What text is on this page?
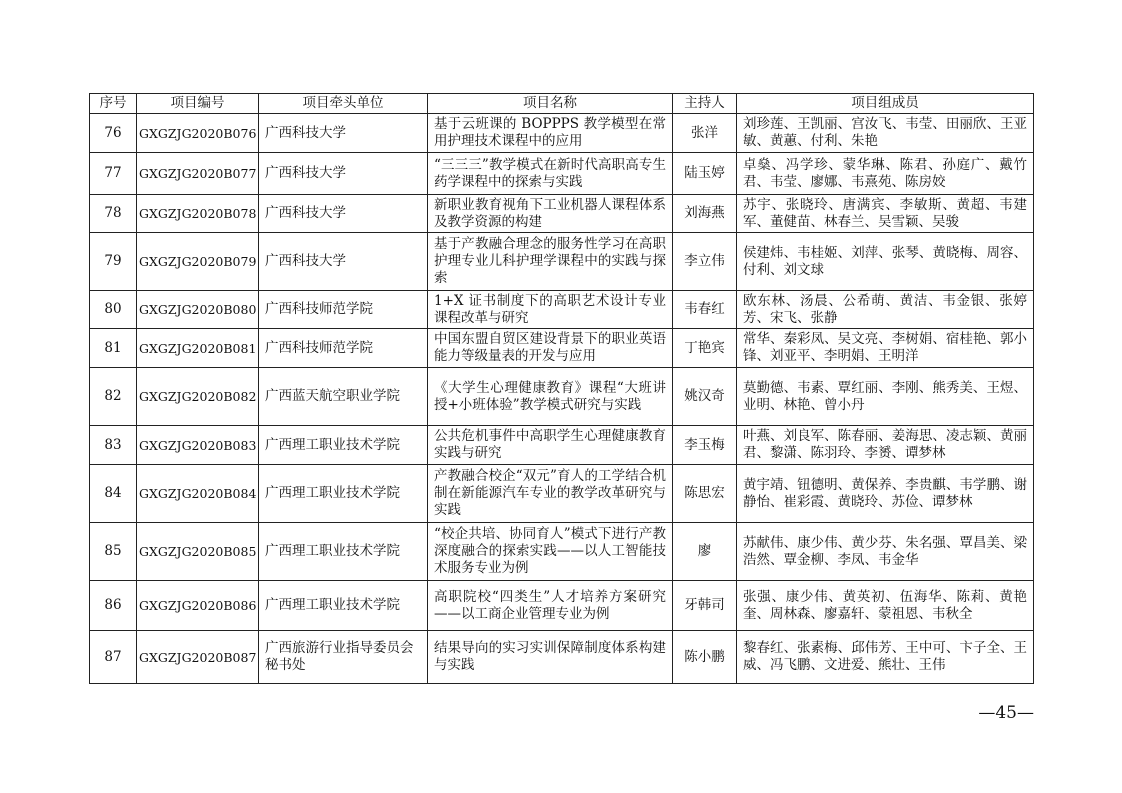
序号	项目编号	项目牵头单位	项目名称	主持人	项目组成员
76	GXGZJG2020B076	广西科技大学	基于云班课的 BOPPPS 教学模型在常用护理技术课程中的应用	张洋	刘珍莲、王凯丽、宫汝飞、韦莹、田丽欣、王亚敏、黄蕙、付利、朱艳
77	GXGZJG2020B077	广西科技大学	“三三三”教学模式在新时代高职高专生药学课程中的探索与实践	陆玉婷	卓燊、冯学珍、蒙华琳、陈君、孙庭广、戴竹君、韦莹、廖娜、韦熹苑、陈房姣
78	GXGZJG2020B078	广西科技大学	新职业教育视角下工业机器人课程体系及教学资源的构建	刘海燕	苏宇、张晓玲、唐满宾、李敏斯、黄超、韦建军、董健苗、林春兰、吴雪颖、吴骏
79	GXGZJG2020B079	广西科技大学	基于产教融合理念的服务性学习在高职护理专业儿科护理学课程中的实践与探索	李立伟	侯建炜、韦桂姬、刘萍、张琴、黄晓梅、周容、付利、刘文球
80	GXGZJG2020B080	广西科技师范学院	1+X 证书制度下的高职艺术设计专业课程改革与研究	韦春红	欧东林、汤晨、公希萌、黄洁、韦金银、张婷芳、宋飞、张静
81	GXGZJG2020B081	广西科技师范学院	中国东盟自贸区建设背景下的职业英语能力等级量表的开发与应用	丁艳宾	常华、秦彩凤、吴文亮、李树娟、宿桂艳、郭小锋、刘亚平、李明娟、王明洋
82	GXGZJG2020B082	广西蓝天航空职业学院	《大学生心理健康教育》课程“大班讲授+小班体验”教学模式研究与实践	姚汉奇	莫勤德、韦素、覃红丽、李刚、熊秀美、王煜、业明、林艳、曾小丹
83	GXGZJG2020B083	广西理工职业技术学院	公共危机事件中高职学生心理健康教育实践与研究	李玉梅	叶燕、刘良军、陈春丽、姜海思、凌志颖、黄丽君、黎潇、陈羽玲、李赟、谭梦林
84	GXGZJG2020B084	广西理工职业技术学院	产教融合校企“双元”育人的工学结合机制在新能源汽车专业的教学改革研究与实践	陈思宏	黄宇靖、钮德明、黄保养、李贵麒、韦学鹏、谢静怡、崔彩霞、黄晓玲、苏俭、谭梦林
85	GXGZJG2020B085	广西理工职业技术学院	“校企共培、协同育人”模式下进行产教深度融合的探索实践——以人工智能技术服务专业为例	廖	苏献伟、康少伟、黄少芬、朱名强、覃昌美、梁浩然、覃金柳、李凤、韦金华
86	GXGZJG2020B086	广西理工职业技术学院	高职院校“四类生”人才培养方案研究——以工商企业管理专业为例	牙韩司	张强、康少伟、黄英初、伍海华、陈莉、黄艳奎、周林森、廖嘉轩、蒙祖恩、韦秋全
87	GXGZJG2020B087	广西旅游行业指导委员会秘书处	结果导向的实习实训保障制度体系构建与实践	陈小鹏	黎春红、张素梅、邱伟芳、王中可、卞子全、王威、冯飞鹏、文进爱、熊壮、王伟
—45—
